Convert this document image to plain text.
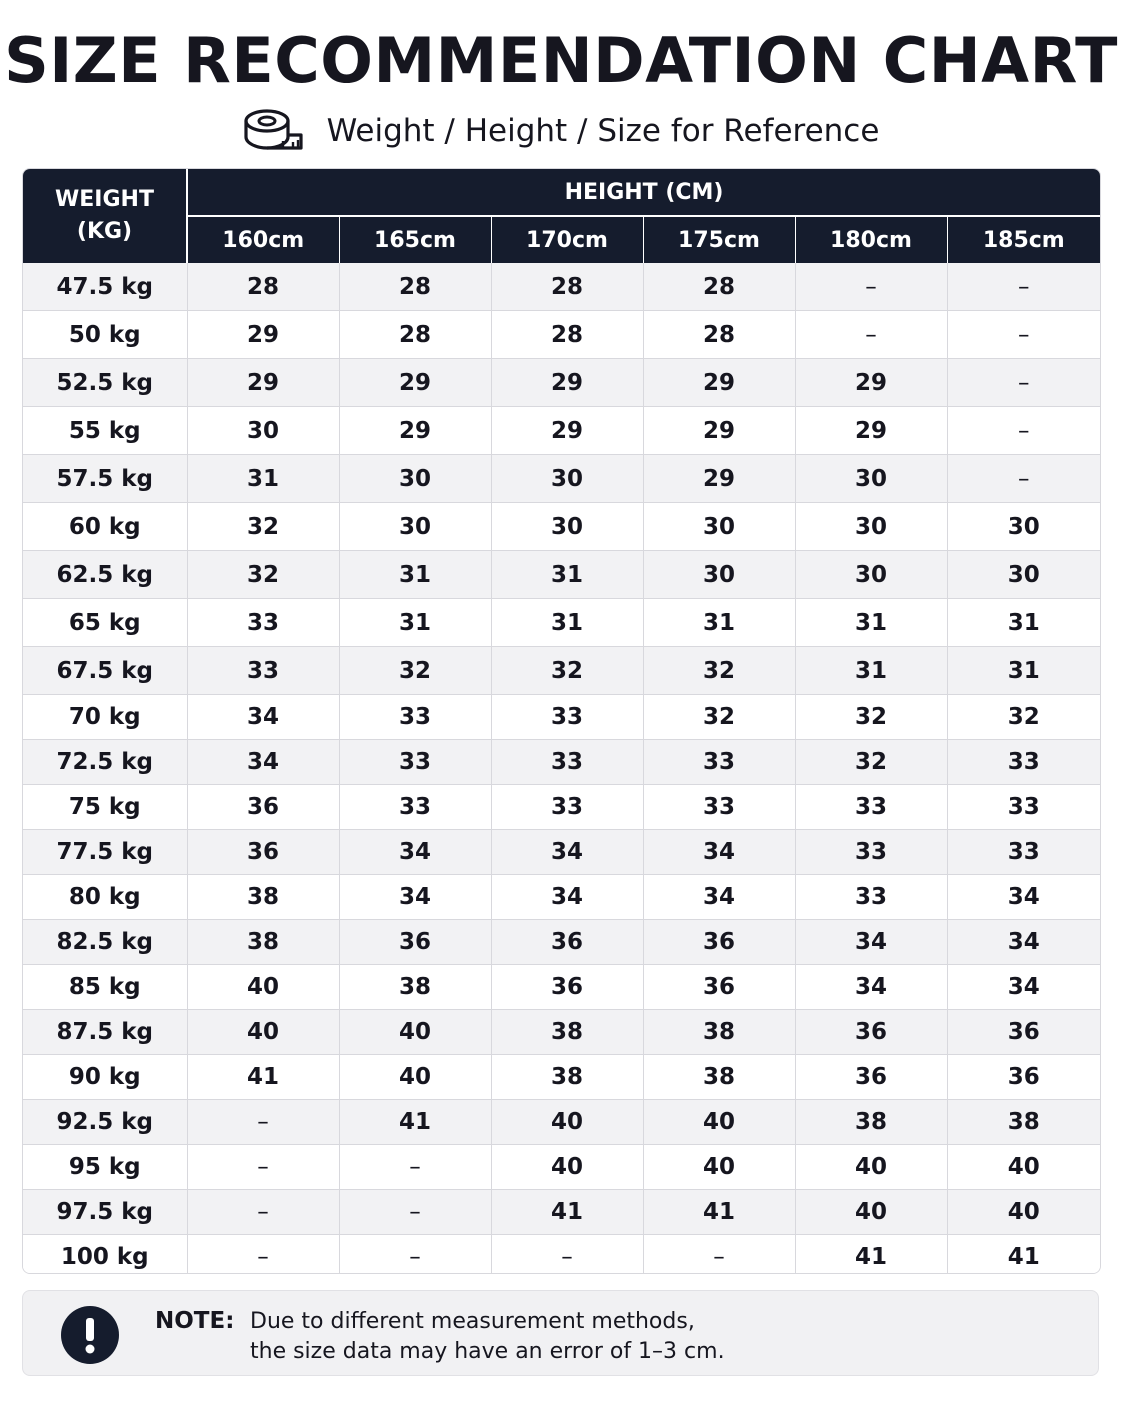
SIZE RECOMMENDATION CHART
Weight / Height / Size for Reference
WEIGHT
(KG)	HEIGHT (CM)					
	160cm	165cm	170cm	175cm	180cm	185cm
47.5 kg	28	28	28	28	–	–
50 kg	29	28	28	28	–	–
52.5 kg	29	29	29	29	29	–
55 kg	30	29	29	29	29	–
57.5 kg	31	30	30	29	30	–
60 kg	32	30	30	30	30	30
62.5 kg	32	31	31	30	30	30
65 kg	33	31	31	31	31	31
67.5 kg	33	32	32	32	31	31
70 kg	34	33	33	32	32	32
72.5 kg	34	33	33	33	32	33
75 kg	36	33	33	33	33	33
77.5 kg	36	34	34	34	33	33
80 kg	38	34	34	34	33	34
82.5 kg	38	36	36	36	34	34
85 kg	40	38	36	36	34	34
87.5 kg	40	40	38	38	36	36
90 kg	41	40	38	38	36	36
92.5 kg	–	41	40	40	38	38
95 kg	–	–	40	40	40	40
97.5 kg	–	–	41	41	40	40
100 kg	–	–	–	–	41	41
NOTE: Due to different measurement methods,
the size data may have an error of 1–3 cm.
